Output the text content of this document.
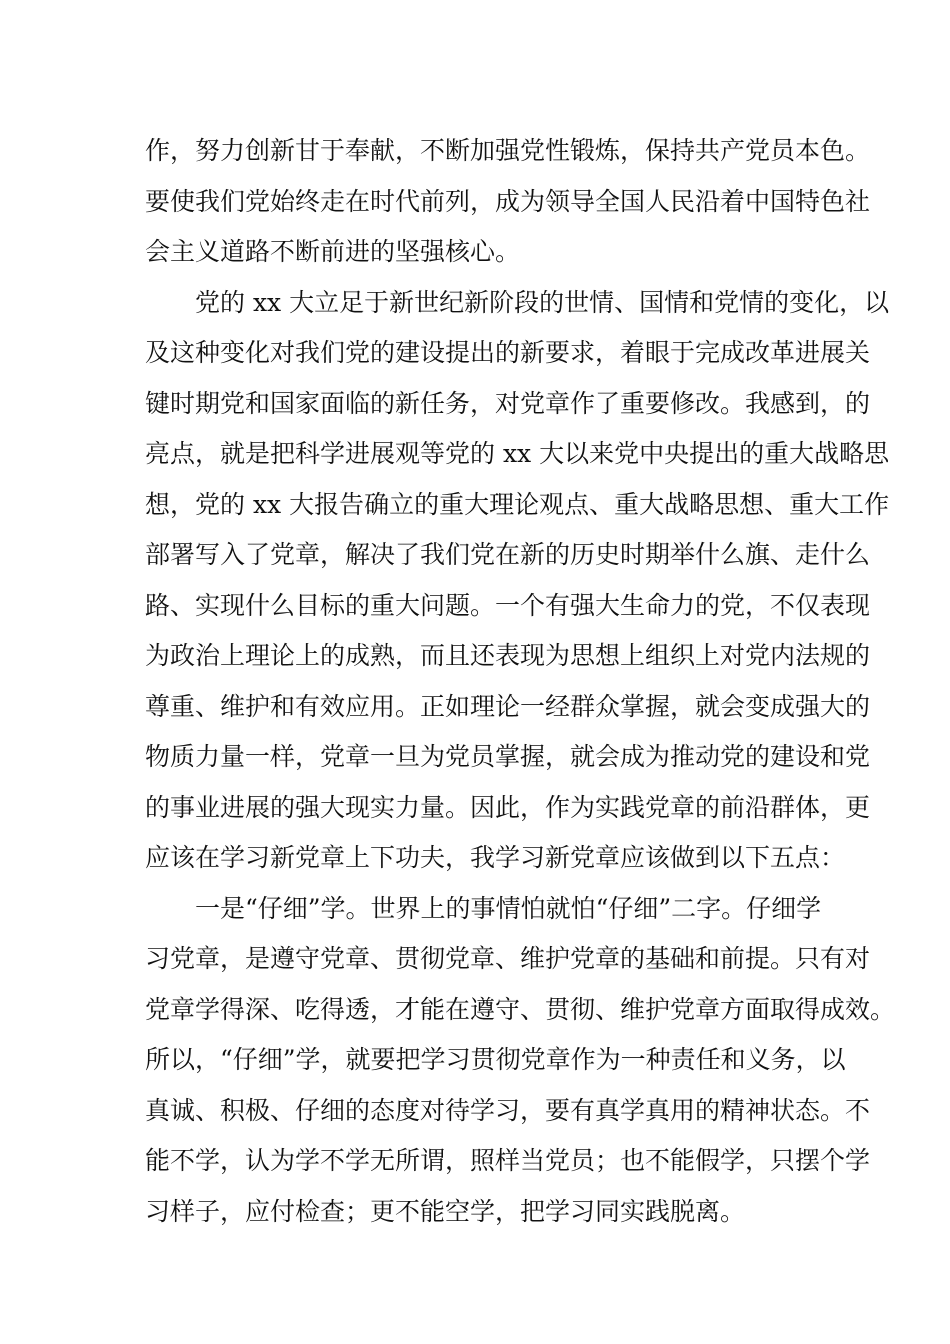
作，努力创新甘于奉献，不断加强党性锻炼，保持共产党员本色。
要使我们党始终走在时代前列，成为领导全国人民沿着中国特色社
会主义道路不断前进的坚强核心。
党的 xx 大立足于新世纪新阶段的世情、国情和党情的变化，以
及这种变化对我们党的建设提出的新要求，着眼于完成改革进展关
键时期党和国家面临的新任务，对党章作了重要修改。我感到，的
亮点，就是把科学进展观等党的 xx 大以来党中央提出的重大战略思
想，党的 xx 大报告确立的重大理论观点、重大战略思想、重大工作
部署写入了党章，解决了我们党在新的历史时期举什么旗、走什么
路、实现什么目标的重大问题。一个有强大生命力的党，不仅表现
为政治上理论上的成熟，而且还表现为思想上组织上对党内法规的
尊重、维护和有效应用。正如理论一经群众掌握，就会变成强大的
物质力量一样，党章一旦为党员掌握，就会成为推动党的建设和党
的事业进展的强大现实力量。因此，作为实践党章的前沿群体，更
应该在学习新党章上下功夫，我学习新党章应该做到以下五点：
一是“仔细”学。世界上的事情怕就怕“仔细”二字。仔细学
习党章，是遵守党章、贯彻党章、维护党章的基础和前提。只有对
党章学得深、吃得透，才能在遵守、贯彻、维护党章方面取得成效。
所以，“仔细”学，就要把学习贯彻党章作为一种责任和义务，以
真诚、积极、仔细的态度对待学习，要有真学真用的精神状态。不
能不学，认为学不学无所谓，照样当党员；也不能假学，只摆个学
习样子，应付检查；更不能空学，把学习同实践脱离。
